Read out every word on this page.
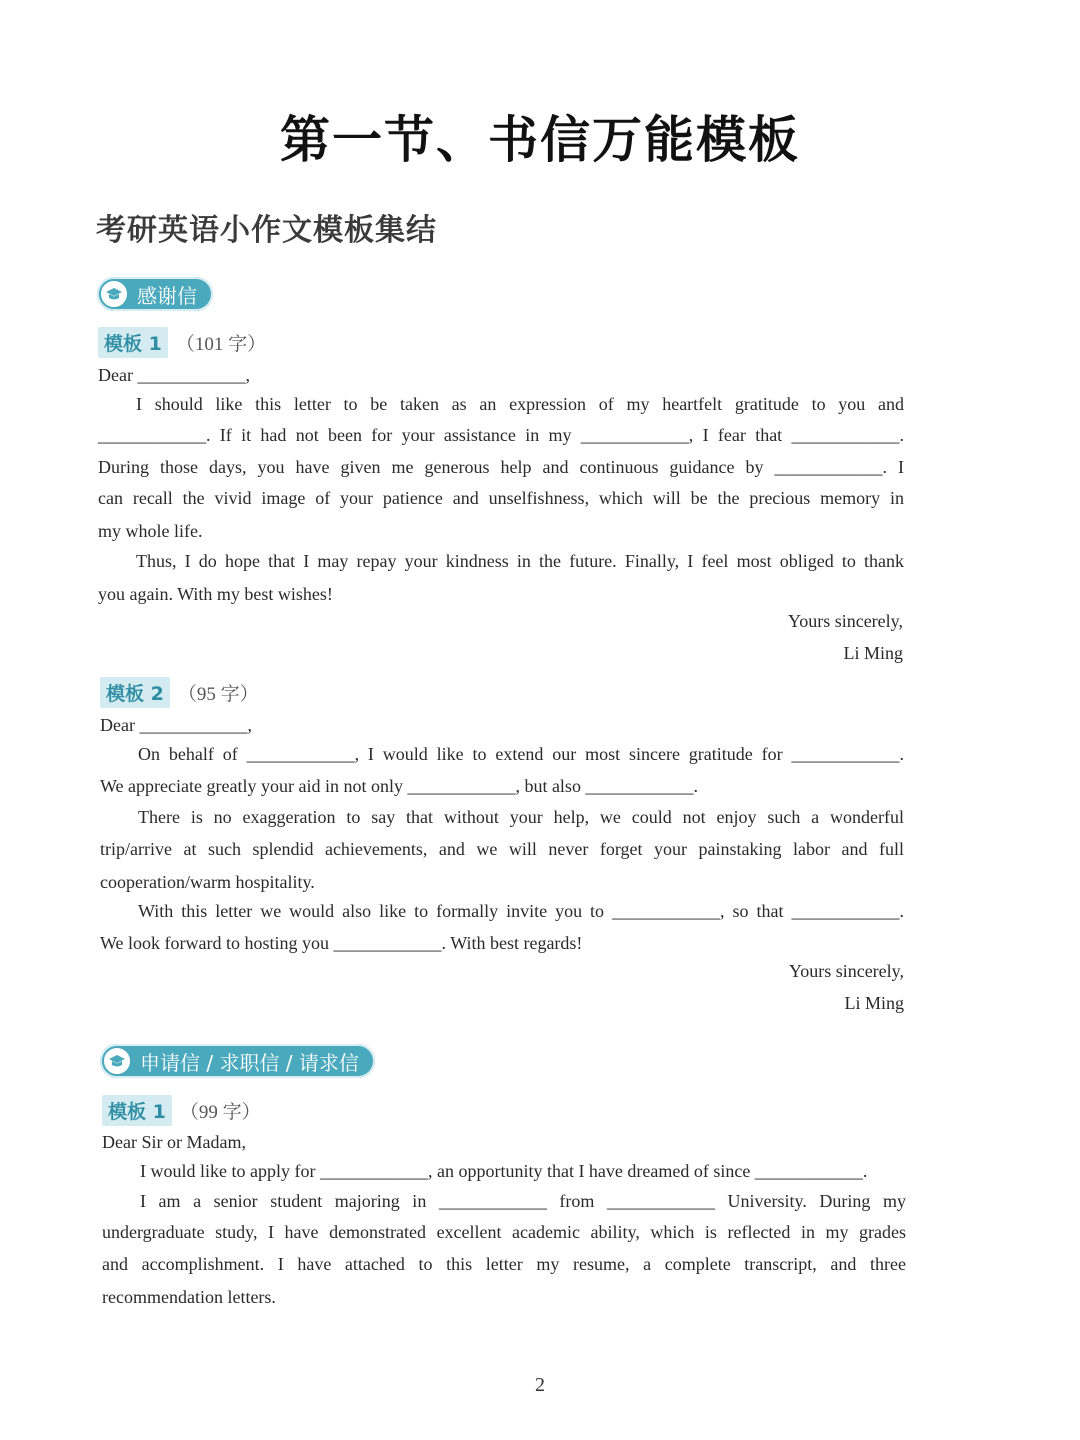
第一节、书信万能模板
考研英语小作文模板集结
感谢信
模板 1 （101 字）
Dear ____________,
I should like this letter to be taken as an expression of my heartfelt gratitude to you and
____________. If it had not been for your assistance in my ____________, I fear that ____________.
During those days, you have given me generous help and continuous guidance by ____________. I
can recall the vivid image of your patience and unselfishness, which will be the precious memory in
my whole life.
Thus, I do hope that I may repay your kindness in the future. Finally, I feel most obliged to thank
you again. With my best wishes!
Yours sincerely,
Li Ming
模板 2 （95 字）
Dear ____________,
On behalf of ____________, I would like to extend our most sincere gratitude for ____________.
We appreciate greatly your aid in not only ____________, but also ____________.
There is no exaggeration to say that without your help, we could not enjoy such a wonderful
trip/arrive at such splendid achievements, and we will never forget your painstaking labor and full
cooperation/warm hospitality.
With this letter we would also like to formally invite you to ____________, so that ____________.
We look forward to hosting you ____________. With best regards!
Yours sincerely,
Li Ming
申请信 / 求职信 / 请求信
模板 1 （99 字）
Dear Sir or Madam,
I would like to apply for ____________, an opportunity that I have dreamed of since ____________.
I am a senior student majoring in ____________ from ____________ University. During my
undergraduate study, I have demonstrated excellent academic ability, which is reflected in my grades
and accomplishment. I have attached to this letter my resume, a complete transcript, and three
recommendation letters.
2
